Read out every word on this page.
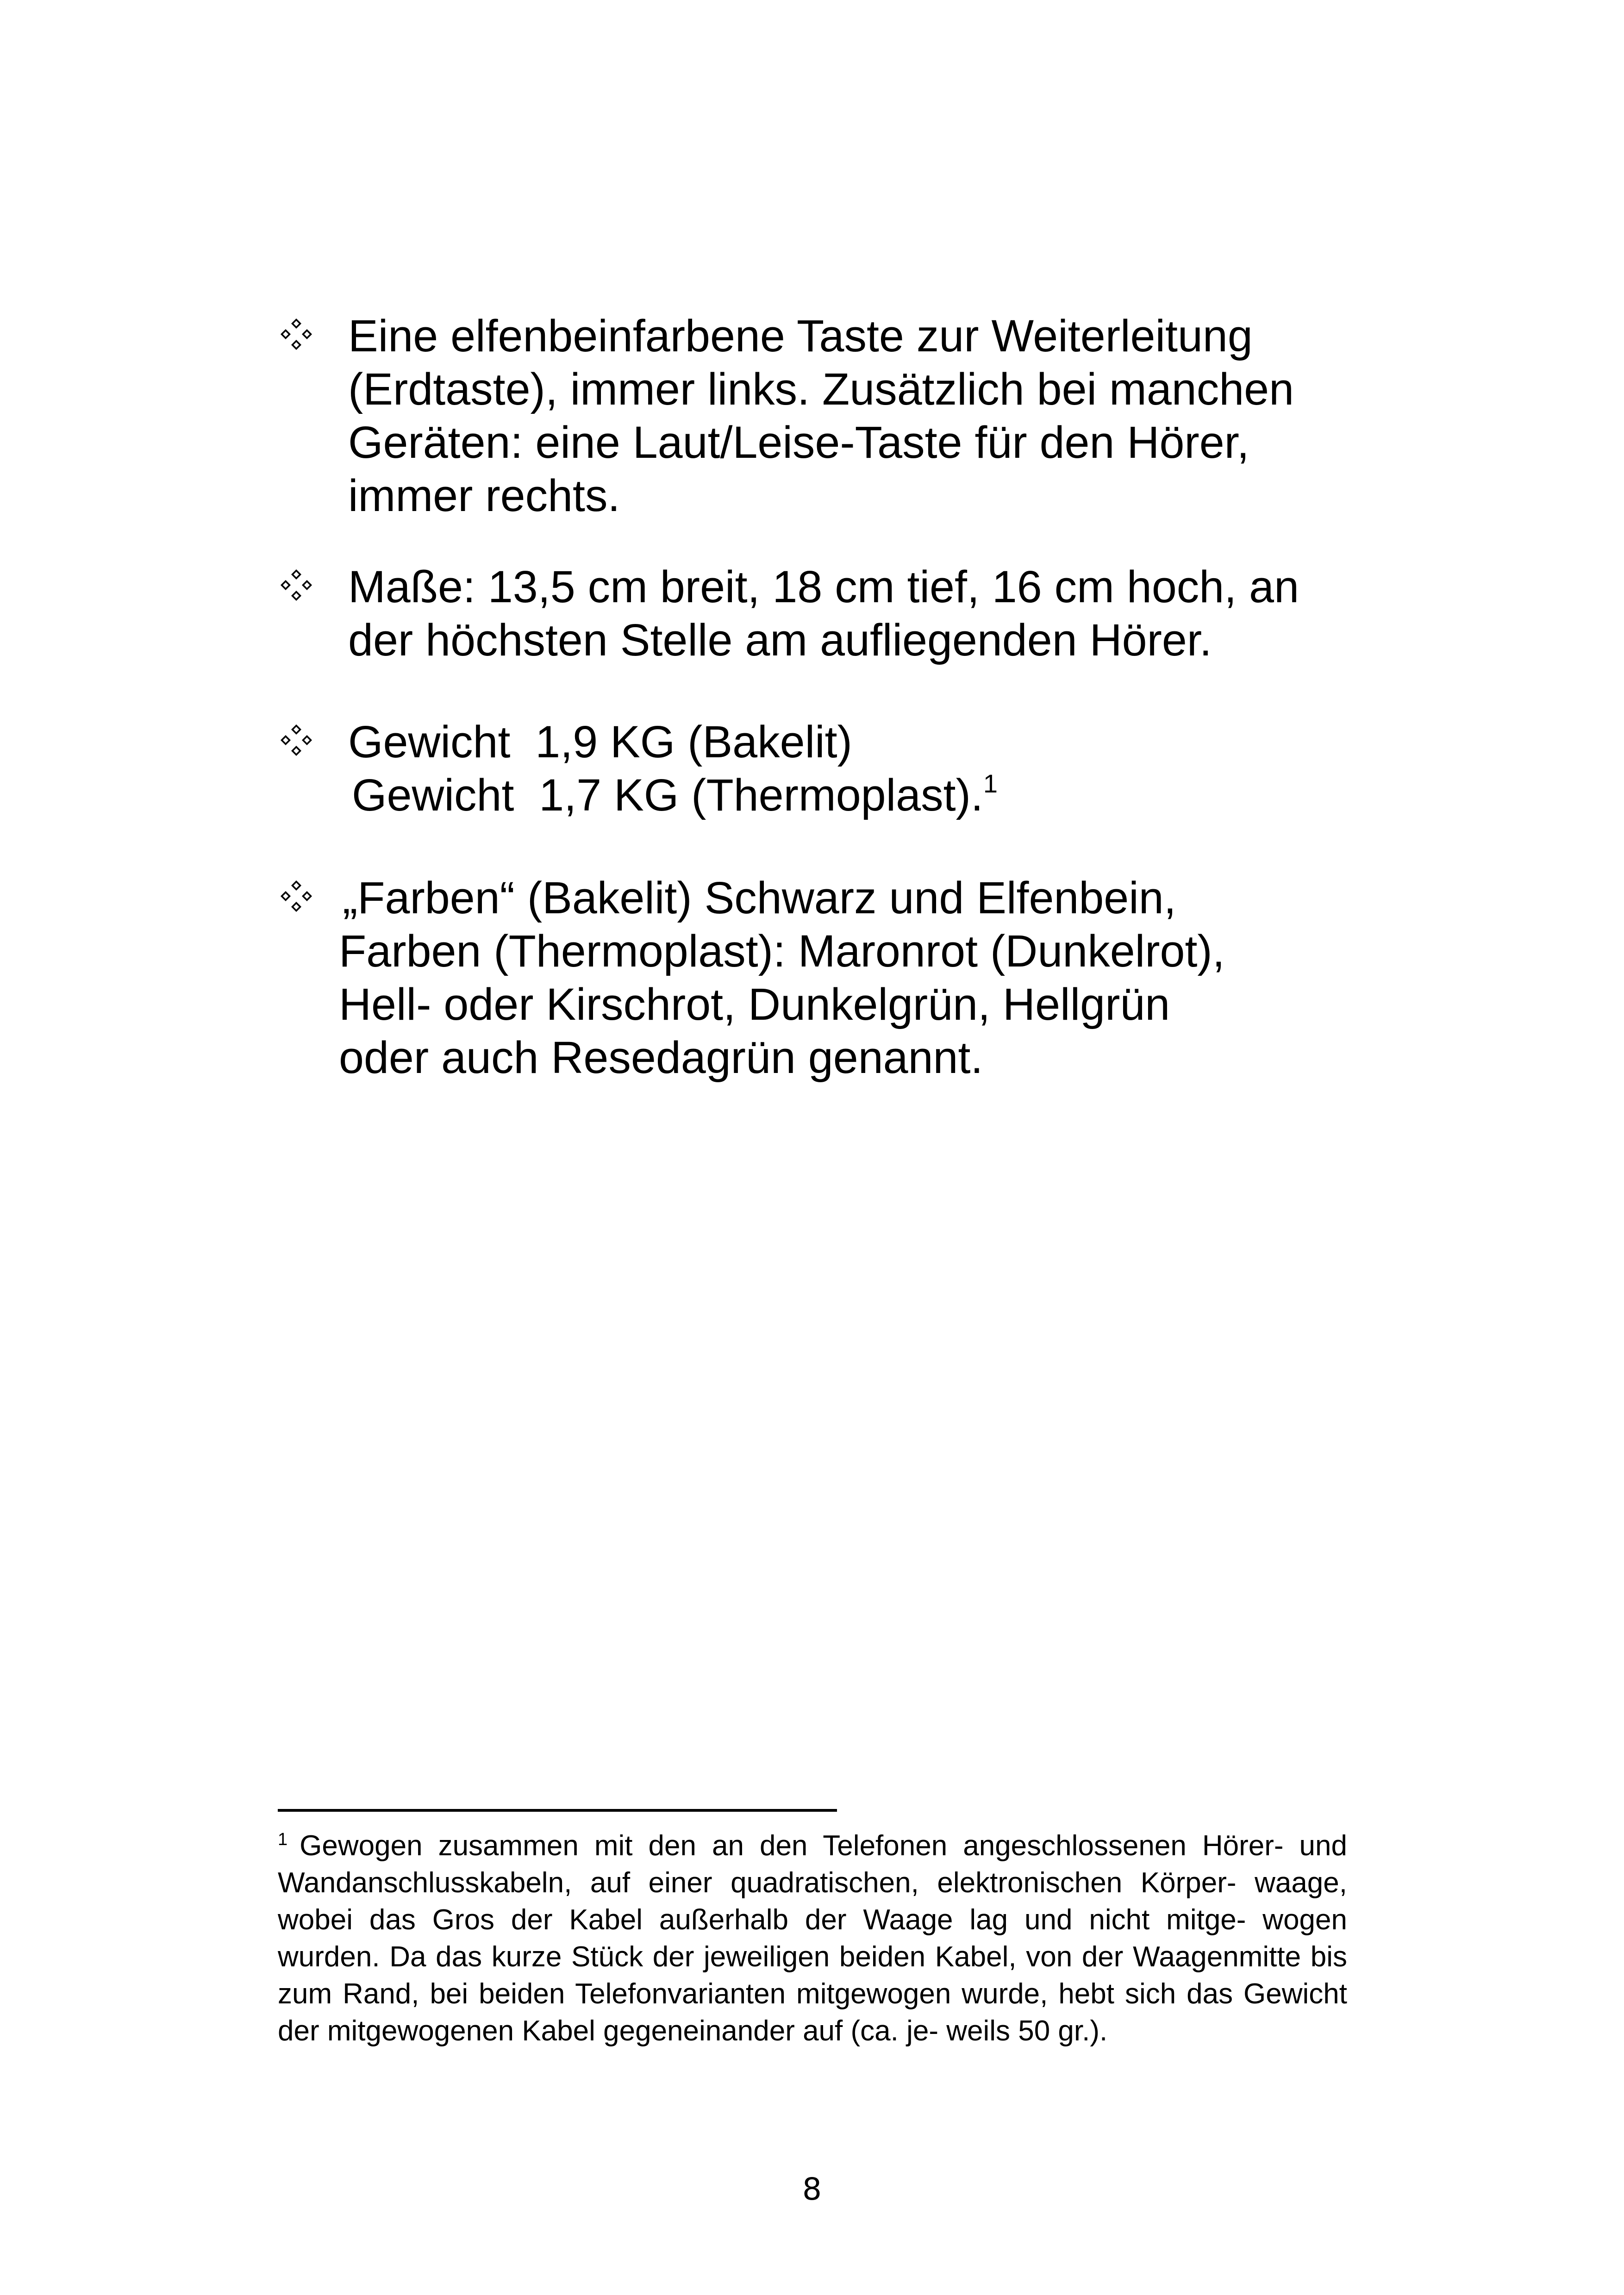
Eine elfenbeinfarbene Taste zur Weiterleitung
(Erdtaste), immer links. Zusätzlich bei manchen
Geräten: eine Laut/Leise-Taste für den Hörer,
immer rechts.
Maße: 13,5 cm breit, 18 cm tief, 16 cm hoch, an
der höchsten Stelle am aufliegenden Hörer.
Gewicht  1,9 KG (Bakelit)
Gewicht  1,7 KG (Thermoplast).$^1$
„Farben“ (Bakelit) Schwarz und Elfenbein,
Farben (Thermoplast): Maronrot (Dunkelrot),
Hell- oder Kirschrot, Dunkelgrün, Hellgrün
oder auch Resedagrün genannt.
$^1$ Gewogen zusammen mit den an den Telefonen angeschlossenen Hörer- und Wandanschlusskabeln, auf einer quadratischen, elektronischen Körper- waage, wobei das Gros der Kabel außerhalb der Waage lag und nicht mitge- wogen wurden. Da das kurze Stück der jeweiligen beiden Kabel, von der Waagenmitte bis zum Rand, bei beiden Telefonvarianten mitgewogen wurde, hebt sich das Gewicht der mitgewogenen Kabel gegeneinander auf (ca. je- weils 50 gr.).
8
